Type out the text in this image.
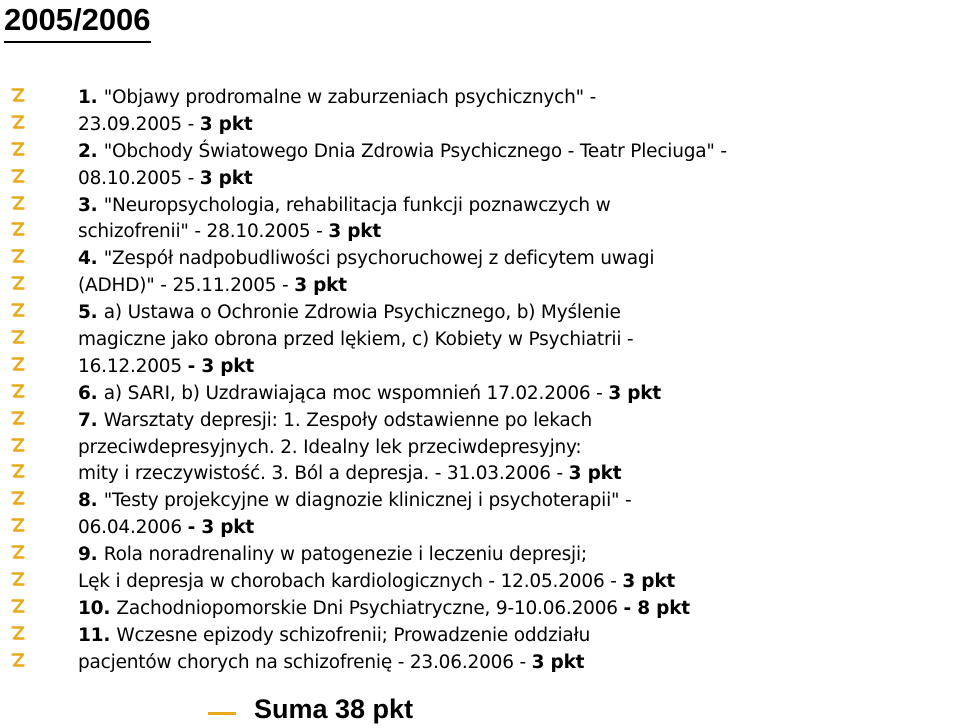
2005/2006
1. "Objawy prodromalne w zaburzeniach psychicznych" -
23.09.2005 - 3 pkt
2. "Obchody Światowego Dnia Zdrowia Psychicznego - Teatr Pleciuga" -
08.10.2005 - 3 pkt
3. "Neuropsychologia, rehabilitacja funkcji poznawczych w
schizofrenii" - 28.10.2005 - 3 pkt
4. "Zespół nadpobudliwości psychoruchowej z deficytem uwagi
(ADHD)" - 25.11.2005 - 3 pkt
5. a) Ustawa o Ochronie Zdrowia Psychicznego, b) Myślenie
magiczne jako obrona przed lękiem, c) Kobiety w Psychiatrii -
16.12.2005 - 3 pkt
6. a) SARI, b) Uzdrawiająca moc wspomnień 17.02.2006 - 3 pkt
7. Warsztaty depresji: 1. Zespoły odstawienne po lekach
przeciwdepresyjnych. 2. Idealny lek przeciwdepresyjny:
mity i rzeczywistość. 3. Ból a depresja. - 31.03.2006 - 3 pkt
8. "Testy projekcyjne w diagnozie klinicznej i psychoterapii" -
06.04.2006 - 3 pkt
9. Rola noradrenaliny w patogenezie i leczeniu depresji;
Lęk i depresja w chorobach kardiologicznych - 12.05.2006 - 3 pkt
10. Zachodniopomorskie Dni Psychiatryczne, 9-10.06.2006 - 8 pkt
11. Wczesne epizody schizofrenii; Prowadzenie oddziału
pacjentów chorych na schizofrenię - 23.06.2006 - 3 pkt
Suma 38 pkt
